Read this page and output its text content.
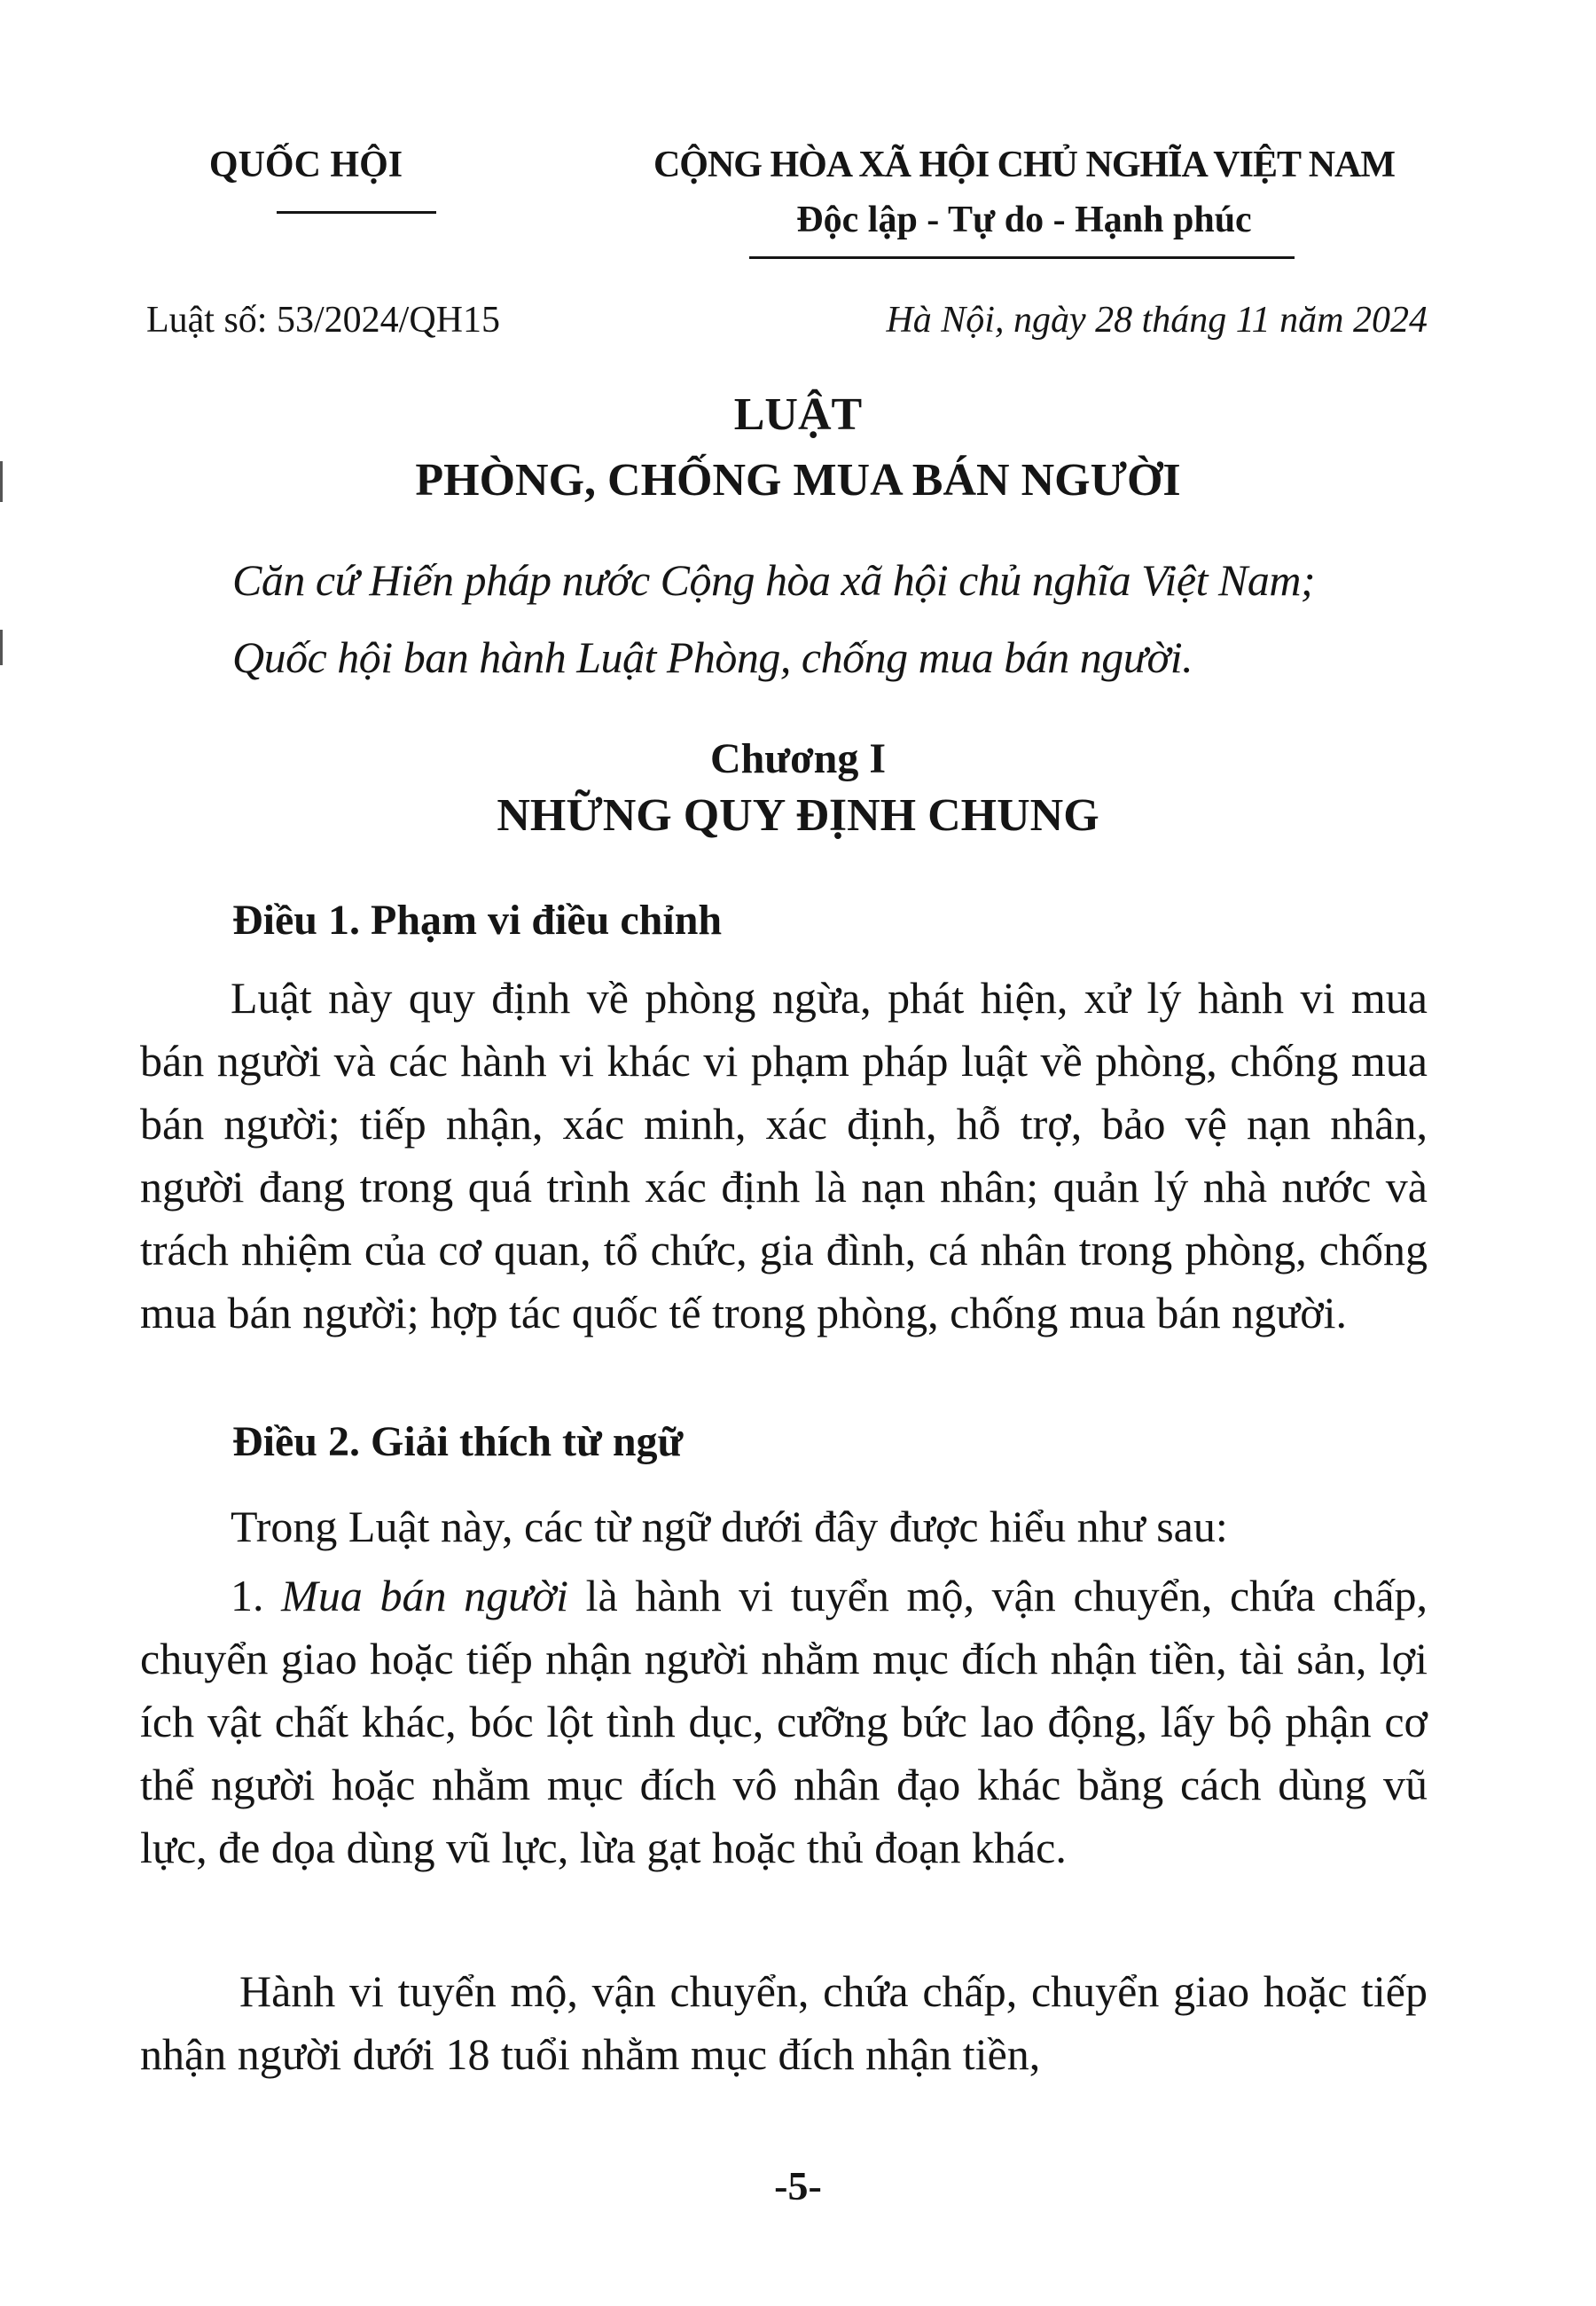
QUỐC HỘI	CỘNG HÒA XÃ HỘI CHỦ NGHĨA VIỆT NAM
Độc lập - Tự do - Hạnh phúc
Luật số: 53/2024/QH15	Hà Nội, ngày 28 tháng 11 năm 2024
LUẬT
PHÒNG, CHỐNG MUA BÁN NGƯỜI
Căn cứ Hiến pháp nước Cộng hòa xã hội chủ nghĩa Việt Nam;
Quốc hội ban hành Luật Phòng, chống mua bán người.
Chương I
NHỮNG QUY ĐỊNH CHUNG
Điều 1. Phạm vi điều chỉnh

Luật này quy định về phòng ngừa, phát hiện, xử lý hành vi mua bán người và các hành vi khác vi phạm pháp luật về phòng, chống mua bán người; tiếp nhận, xác minh, xác định, hỗ trợ, bảo vệ nạn nhân, người đang trong quá trình xác định là nạn nhân; quản lý nhà nước và trách nhiệm của cơ quan, tổ chức, gia đình, cá nhân trong phòng, chống mua bán người; hợp tác quốc tế trong phòng, chống mua bán người.

Điều 2. Giải thích từ ngữ

Trong Luật này, các từ ngữ dưới đây được hiểu như sau:

1. Mua bán người là hành vi tuyển mộ, vận chuyển, chứa chấp, chuyển giao hoặc tiếp nhận người nhằm mục đích nhận tiền, tài sản, lợi ích vật chất khác, bóc lột tình dục, cưỡng bức lao động, lấy bộ phận cơ thể người hoặc nhằm mục đích vô nhân đạo khác bằng cách dùng vũ lực, đe dọa dùng vũ lực, lừa gạt hoặc thủ đoạn khác.

Hành vi tuyển mộ, vận chuyển, chứa chấp, chuyển giao hoặc tiếp nhận người dưới 18 tuổi nhằm mục đích nhận tiền,

-5-
